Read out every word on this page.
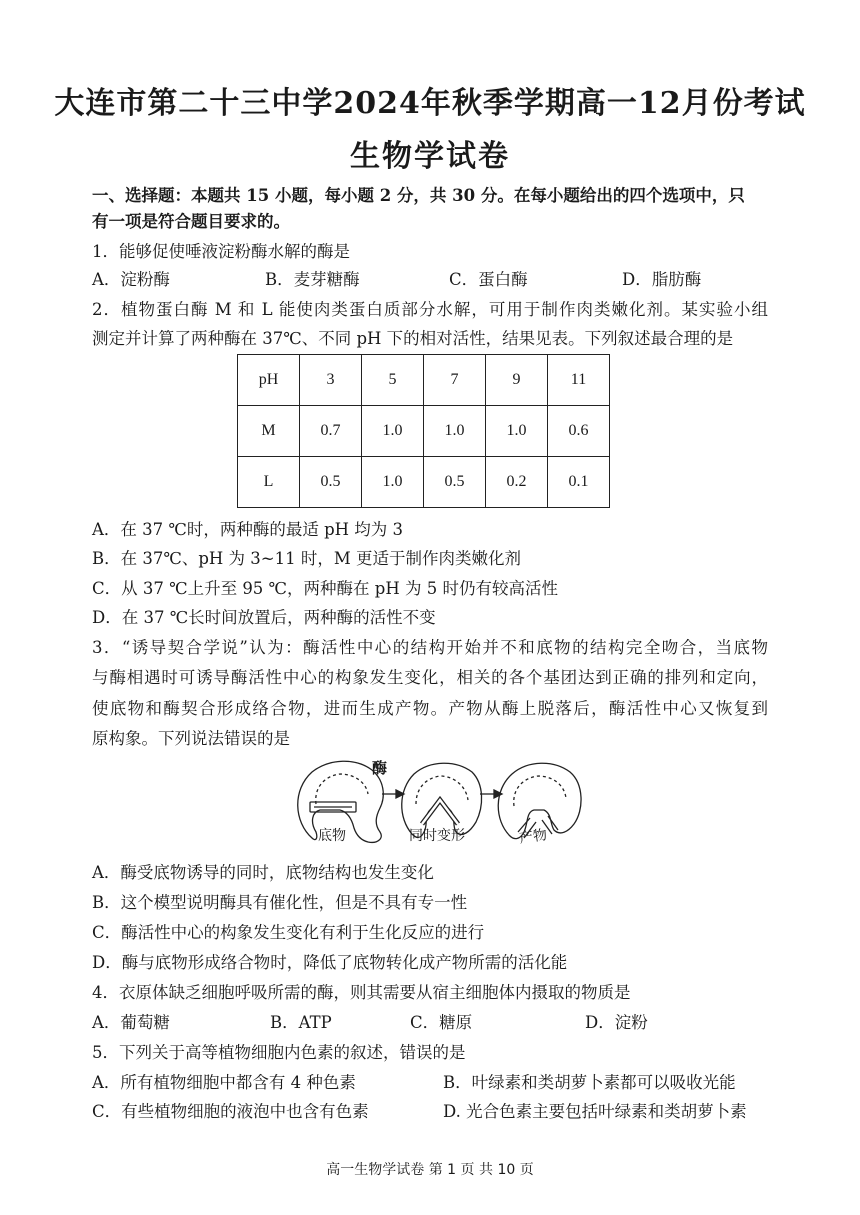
大连市第二十三中学2024年秋季学期高一12月份考试
生物学试卷
一、选择题：本题共 15 小题，每小题 2 分，共 30 分。在每小题给出的四个选项中，只
有一项是符合题目要求的。
1．能够促使唾液淀粉酶水解的酶是
A．淀粉酶	B．麦芽糖酶	C．蛋白酶	D．脂肪酶
2．植物蛋白酶 M 和 L 能使肉类蛋白质部分水解，可用于制作肉类嫩化剂。某实验小组
测定并计算了两种酶在 37℃、不同 pH 下的相对活性，结果见表。下列叙述最合理的是
pH	3	5	7	9	11
M	0.7	1.0	1.0	1.0	0.6
L	0.5	1.0	0.5	0.2	0.1
A．在 37 ℃时，两种酶的最适 pH 均为 3
B．在 37℃、pH 为 3~11 时，M 更适于制作肉类嫩化剂
C．从 37 ℃上升至 95 ℃，两种酶在 pH 为 5 时仍有较高活性
D．在 37 ℃长时间放置后，两种酶的活性不变
3．“诱导契合学说”认为：酶活性中心的结构开始并不和底物的结构完全吻合，当底物
与酶相遇时可诱导酶活性中心的构象发生变化，相关的各个基团达到正确的排列和定向，
使底物和酶契合形成络合物，进而生成产物。产物从酶上脱落后，酶活性中心又恢复到
原构象。下列说法错误的是
酶
底物	同时变形	产物
A．酶受底物诱导的同时，底物结构也发生变化
B．这个模型说明酶具有催化性，但是不具有专一性
C．酶活性中心的构象发生变化有利于生化反应的进行
D．酶与底物形成络合物时，降低了底物转化成产物所需的活化能
4．衣原体缺乏细胞呼吸所需的酶，则其需要从宿主细胞体内摄取的物质是
A．葡萄糖	B．ATP	C．糖原	D．淀粉
5．下列关于高等植物细胞内色素的叙述，错误的是
A．所有植物细胞中都含有 4 种色素	B．叶绿素和类胡萝卜素都可以吸收光能
C．有些植物细胞的液泡中也含有色素	D. 光合色素主要包括叶绿素和类胡萝卜素
高一生物学试卷 第 1 页 共 10 页
